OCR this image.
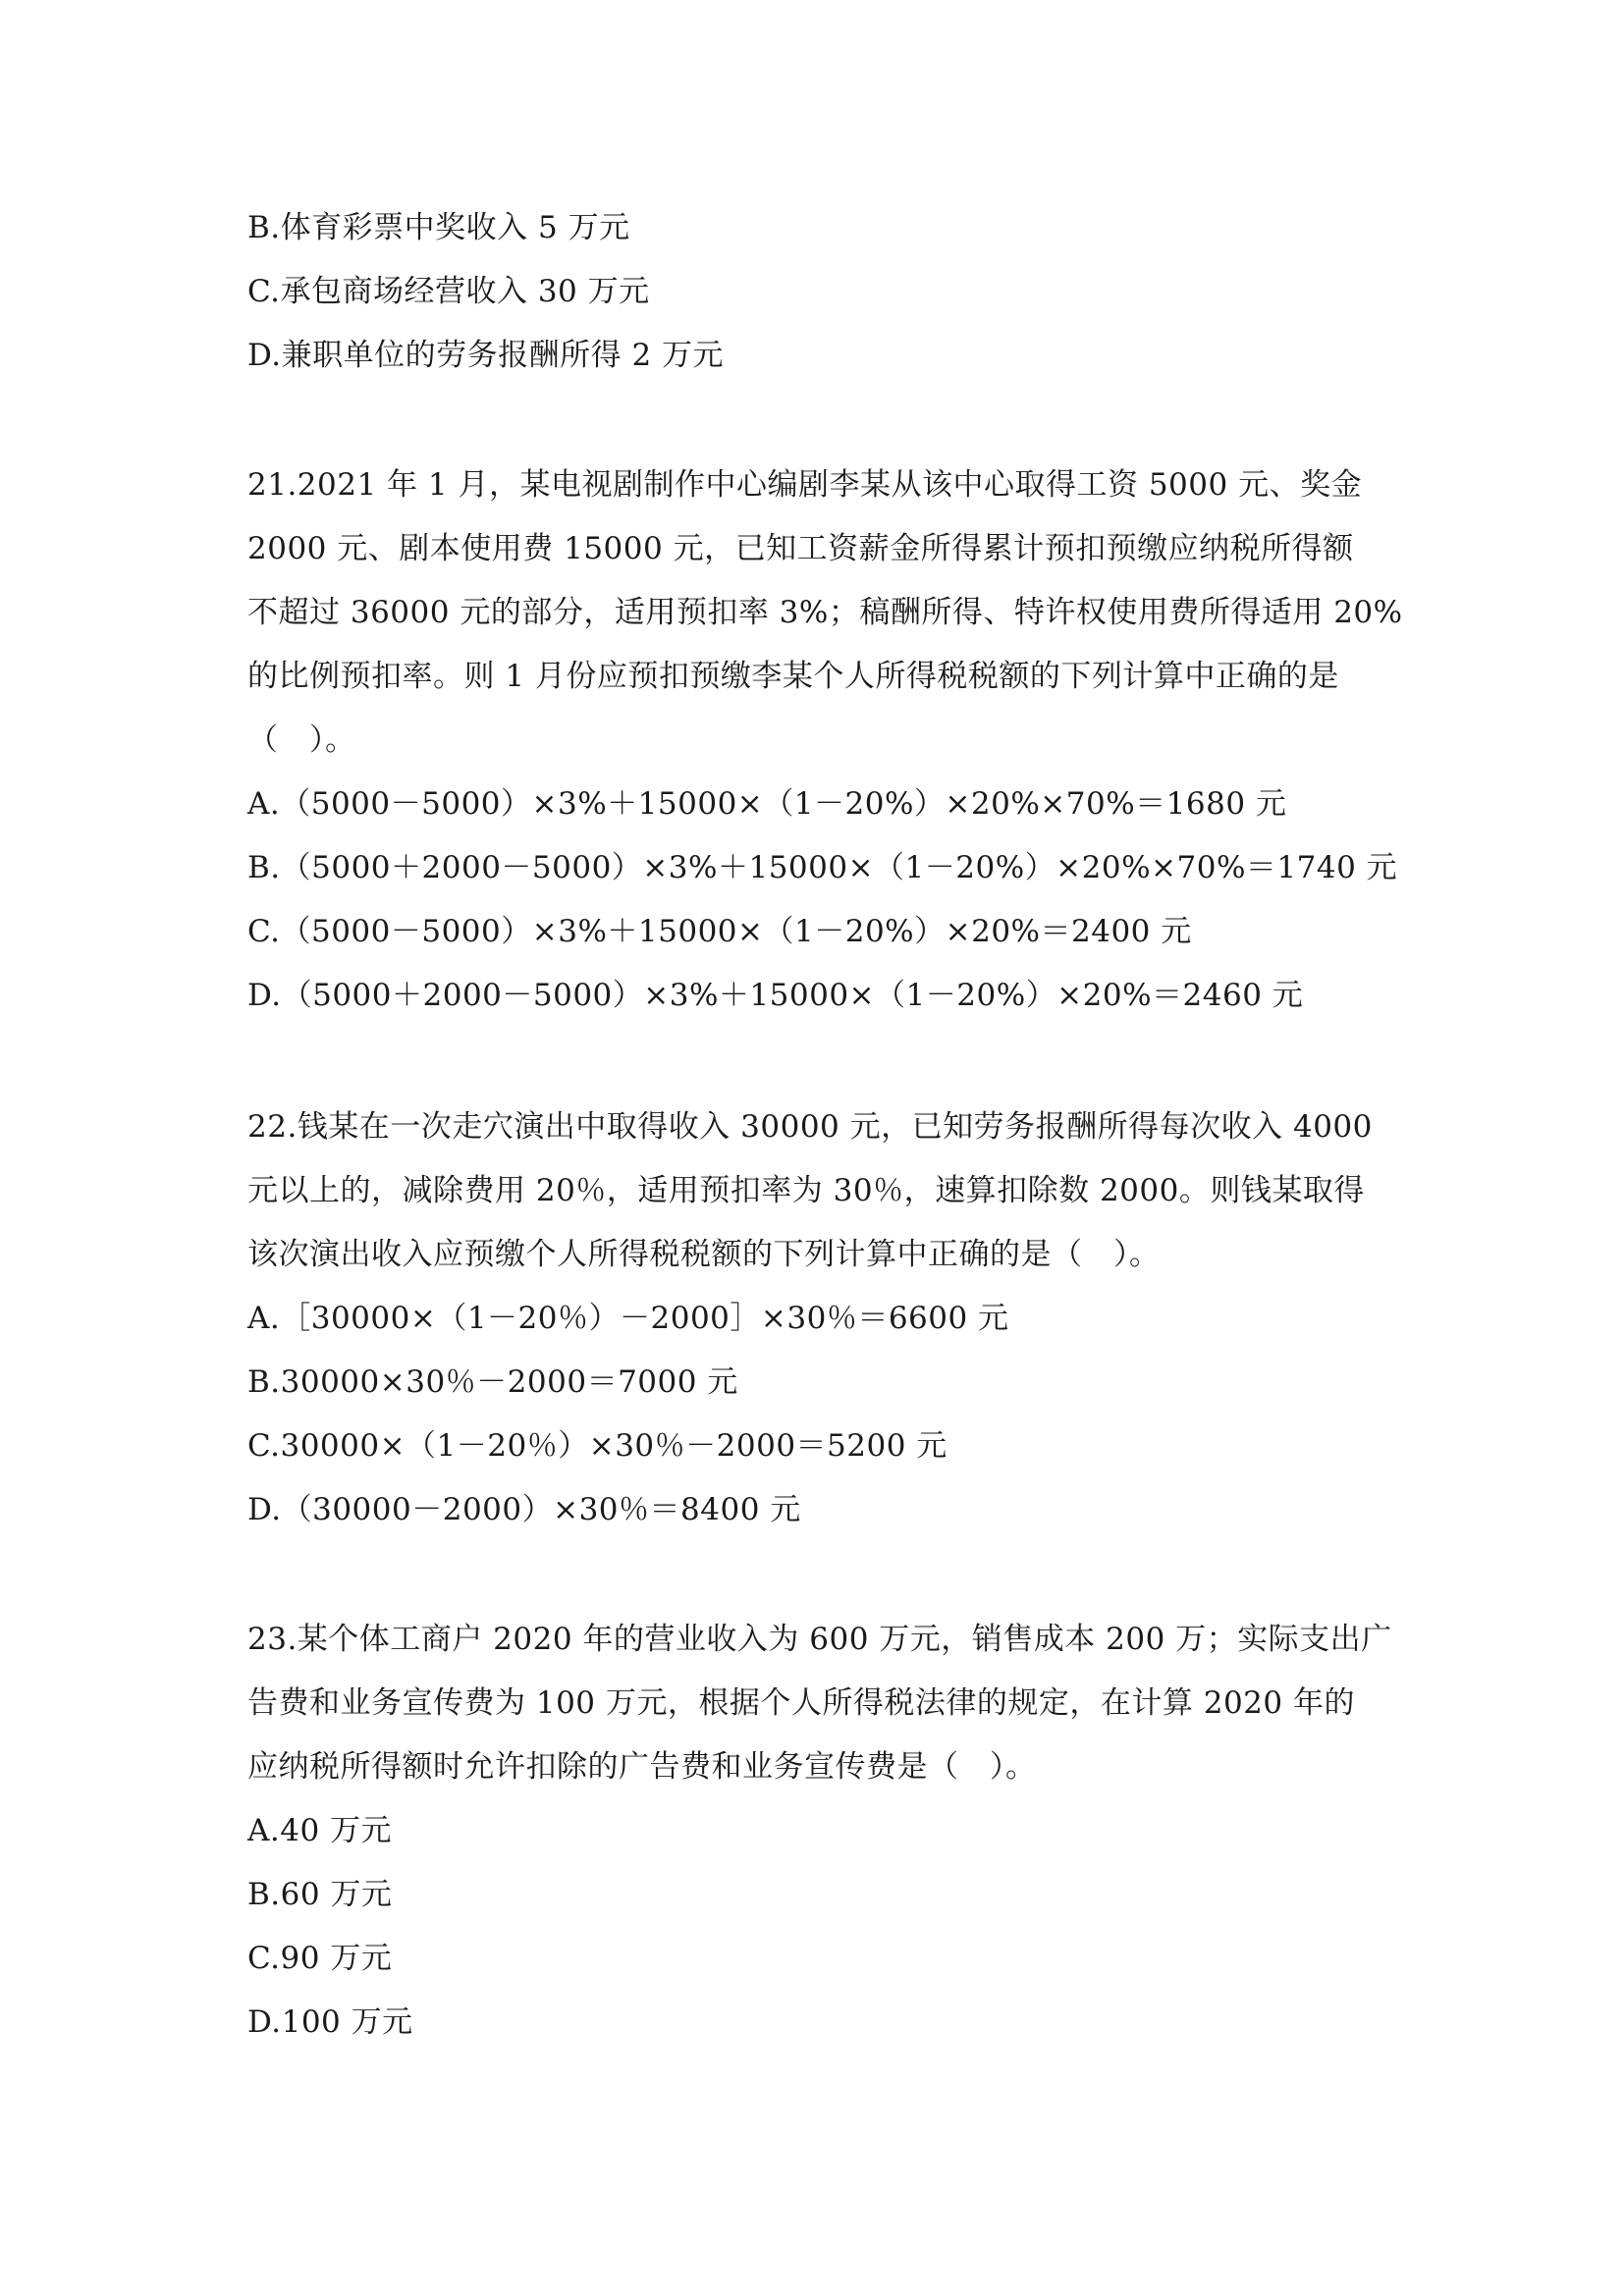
B.体育彩票中奖收入 5 万元
C.承包商场经营收入 30 万元
D.兼职单位的劳务报酬所得 2 万元
21.2021 年 1 月，某电视剧制作中心编剧李某从该中心取得工资 5000 元、奖金
2000 元、剧本使用费 15000 元，已知工资薪金所得累计预扣预缴应纳税所得额
不超过 36000 元的部分，适用预扣率 3%；稿酬所得、特许权使用费所得适用 20%
的比例预扣率。则 1 月份应预扣预缴李某个人所得税税额的下列计算中正确的是
（　）。
A.（5000－5000）×3%＋15000×（1－20%）×20%×70%＝1680 元
B.（5000＋2000－5000）×3%＋15000×（1－20%）×20%×70%＝1740 元
C.（5000－5000）×3%＋15000×（1－20%）×20%＝2400 元
D.（5000＋2000－5000）×3%＋15000×（1－20%）×20%＝2460 元
22.钱某在一次走穴演出中取得收入 30000 元，已知劳务报酬所得每次收入 4000
元以上的，减除费用 20％，适用预扣率为 30％，速算扣除数 2000。则钱某取得
该次演出收入应预缴个人所得税税额的下列计算中正确的是（　）。
A.［30000×（1－20％）－2000］×30％＝6600 元
B.30000×30％－2000＝7000 元
C.30000×（1－20％）×30％－2000＝5200 元
D.（30000－2000）×30％＝8400 元
23.某个体工商户 2020 年的营业收入为 600 万元，销售成本 200 万；实际支出广
告费和业务宣传费为 100 万元，根据个人所得税法律的规定，在计算 2020 年的
应纳税所得额时允许扣除的广告费和业务宣传费是（　）。
A.40 万元
B.60 万元
C.90 万元
D.100 万元
